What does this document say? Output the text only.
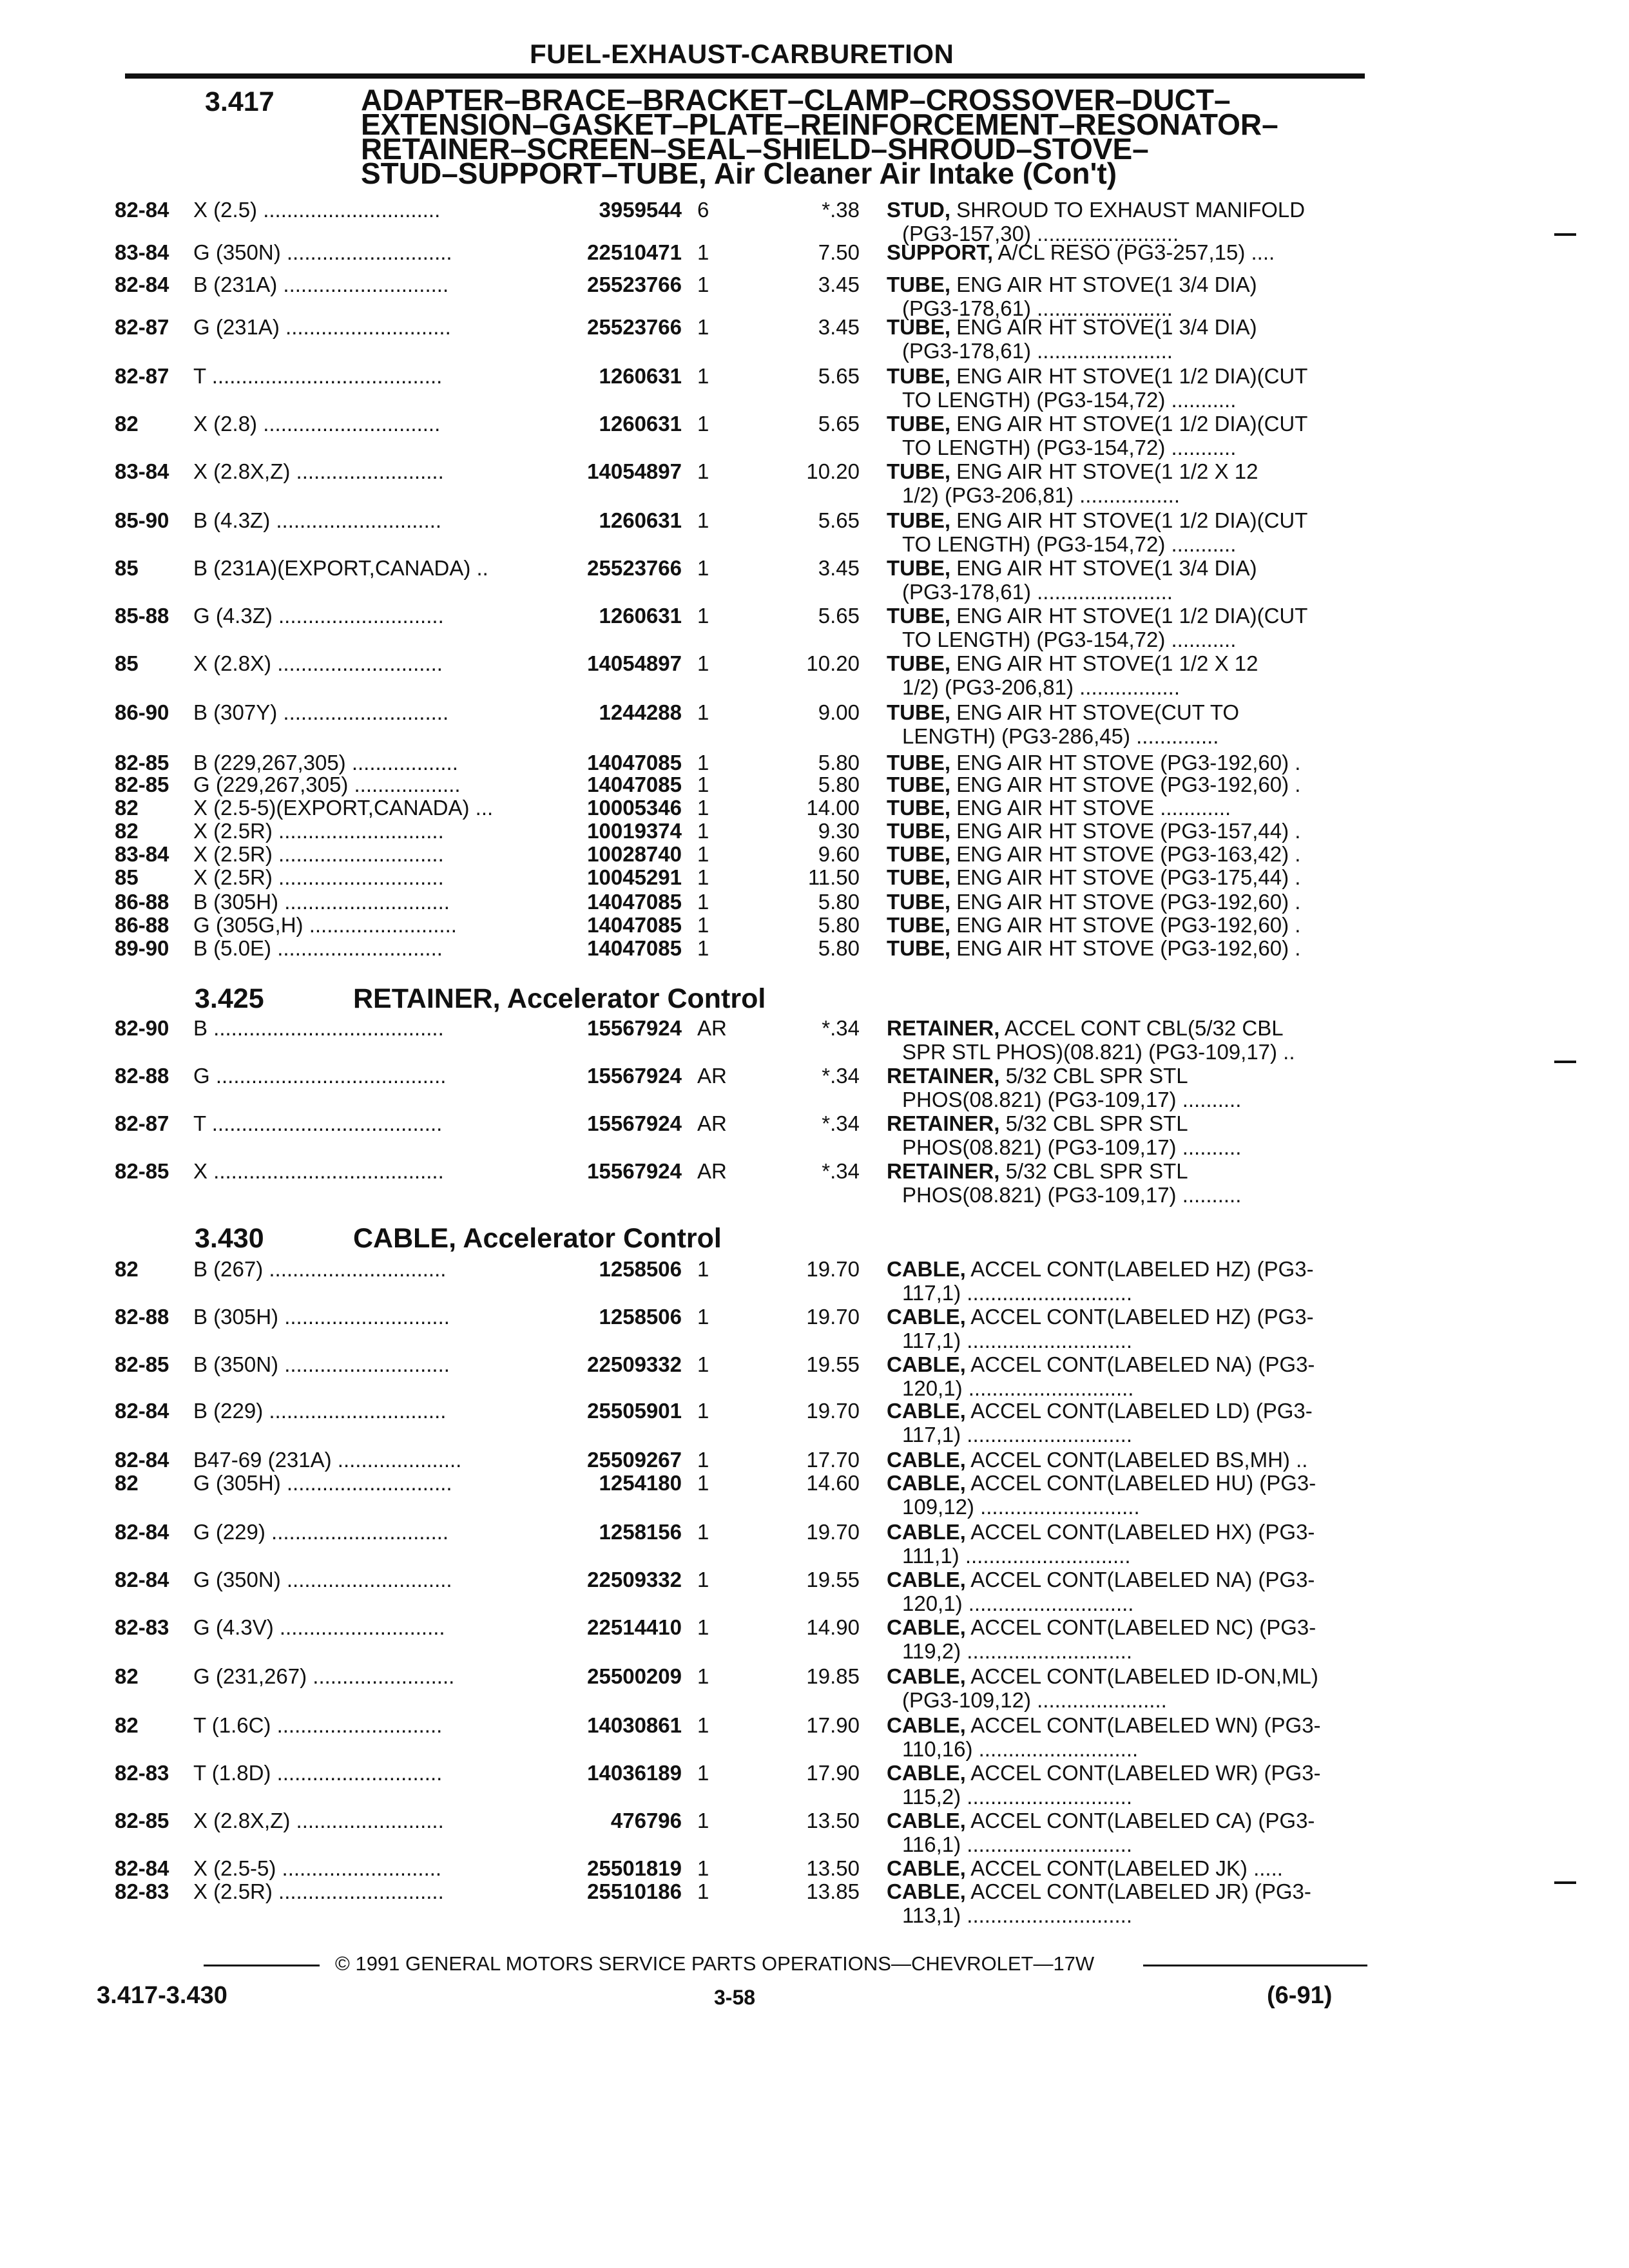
FUEL-EXHAUST-CARBURETION
3.417	ADAPTER–BRACE–BRACKET–CLAMP–CROSSOVER–DUCT–
EXTENSION–GASKET–PLATE–REINFORCEMENT–RESONATOR–
RETAINER–SCREEN–SEAL–SHIELD–SHROUD–STOVE–
STUD–SUPPORT–TUBE, Air Cleaner Air Intake (Con't)
82-84 X (2.5) ..............................	3959544 6	*.38 STUD, SHROUD TO EXHAUST MANIFOLD
(PG3-157,30) ........................
83-84 G (350N) ............................	22510471 1	7.50 SUPPORT, A/CL RESO (PG3-257,15) ....
82-84 B (231A) ............................	25523766 1	3.45 TUBE, ENG AIR HT STOVE(1 3/4 DIA)
(PG3-178,61) .......................
82-87 G (231A) ............................	25523766 1	3.45 TUBE, ENG AIR HT STOVE(1 3/4 DIA)
(PG3-178,61) .......................
82-87 T .......................................	1260631 1	5.65 TUBE, ENG AIR HT STOVE(1 1/2 DIA)(CUT
TO LENGTH) (PG3-154,72) ...........
82	X (2.8) ..............................	1260631 1	5.65 TUBE, ENG AIR HT STOVE(1 1/2 DIA)(CUT
TO LENGTH) (PG3-154,72) ...........
83-84 X (2.8X,Z) .........................	14054897 1	10.20 TUBE, ENG AIR HT STOVE(1 1/2 X 12
1/2) (PG3-206,81) .................
85-90 B (4.3Z) ............................	1260631 1	5.65 TUBE, ENG AIR HT STOVE(1 1/2 DIA)(CUT
TO LENGTH) (PG3-154,72) ...........
85	B (231A)(EXPORT,CANADA) ..	25523766 1	3.45 TUBE, ENG AIR HT STOVE(1 3/4 DIA)
(PG3-178,61) .......................
85-88 G (4.3Z) ............................	1260631 1	5.65 TUBE, ENG AIR HT STOVE(1 1/2 DIA)(CUT
TO LENGTH) (PG3-154,72) ...........
85	X (2.8X) ............................	14054897 1	10.20 TUBE, ENG AIR HT STOVE(1 1/2 X 12
1/2) (PG3-206,81) .................
86-90 B (307Y) ............................	1244288 1	9.00 TUBE, ENG AIR HT STOVE(CUT TO
LENGTH) (PG3-286,45) ..............
82-85 B (229,267,305) ..................	14047085 1	5.80 TUBE, ENG AIR HT STOVE (PG3-192,60) .
82-85 G (229,267,305) ..................	14047085 1	5.80 TUBE, ENG AIR HT STOVE (PG3-192,60) .
82	X (2.5-5)(EXPORT,CANADA) ...	10005346 1	14.00 TUBE, ENG AIR HT STOVE ............
82	X (2.5R) ............................	10019374 1	9.30 TUBE, ENG AIR HT STOVE (PG3-157,44) .
83-84 X (2.5R) ............................	10028740 1	9.60 TUBE, ENG AIR HT STOVE (PG3-163,42) .
85	X (2.5R) ............................	10045291 1	11.50 TUBE, ENG AIR HT STOVE (PG3-175,44) .
86-88 B (305H) ............................	14047085 1	5.80 TUBE, ENG AIR HT STOVE (PG3-192,60) .
86-88 G (305G,H) .........................	14047085 1	5.80 TUBE, ENG AIR HT STOVE (PG3-192,60) .
89-90 B (5.0E) ............................	14047085 1	5.80 TUBE, ENG AIR HT STOVE (PG3-192,60) .
3.425	RETAINER, Accelerator Control
82-90 B .......................................	15567924 AR	*.34 RETAINER, ACCEL CONT CBL(5/32 CBL
SPR STL PHOS)(08.821) (PG3-109,17) ..
82-88 G .......................................	15567924 AR	*.34 RETAINER, 5/32 CBL SPR STL
PHOS(08.821) (PG3-109,17) ..........
82-87 T .......................................	15567924 AR	*.34 RETAINER, 5/32 CBL SPR STL
PHOS(08.821) (PG3-109,17) ..........
82-85 X .......................................	15567924 AR	*.34 RETAINER, 5/32 CBL SPR STL
PHOS(08.821) (PG3-109,17) ..........
3.430	CABLE, Accelerator Control
82	B (267) ..............................	1258506 1	19.70 CABLE, ACCEL CONT(LABELED HZ) (PG3-
117,1) ............................
82-88 B (305H) ............................	1258506 1	19.70 CABLE, ACCEL CONT(LABELED HZ) (PG3-
117,1) ............................
82-85 B (350N) ............................	22509332 1	19.55 CABLE, ACCEL CONT(LABELED NA) (PG3-
120,1) ............................
82-84 B (229) ..............................	25505901 1	19.70 CABLE, ACCEL CONT(LABELED LD) (PG3-
117,1) ............................
82-84 B47-69 (231A) .....................	25509267 1	17.70 CABLE, ACCEL CONT(LABELED BS,MH) ..
82	G (305H) ............................	1254180 1	14.60 CABLE, ACCEL CONT(LABELED HU) (PG3-
109,12) ...........................
82-84 G (229) ..............................	1258156 1	19.70 CABLE, ACCEL CONT(LABELED HX) (PG3-
111,1) ............................
82-84 G (350N) ............................	22509332 1	19.55 CABLE, ACCEL CONT(LABELED NA) (PG3-
120,1) ............................
82-83 G (4.3V) ............................	22514410 1	14.90 CABLE, ACCEL CONT(LABELED NC) (PG3-
119,2) ............................
82	G (231,267) ........................	25500209 1	19.85 CABLE, ACCEL CONT(LABELED ID-ON,ML)
(PG3-109,12) ......................
82	T (1.6C) ............................	14030861 1	17.90 CABLE, ACCEL CONT(LABELED WN) (PG3-
110,16) ...........................
82-83 T (1.8D) ............................	14036189 1	17.90 CABLE, ACCEL CONT(LABELED WR) (PG3-
115,2) ............................
82-85 X (2.8X,Z) .........................	476796 1	13.50 CABLE, ACCEL CONT(LABELED CA) (PG3-
116,1) ............................
82-84 X (2.5-5) ...........................	25501819 1	13.50 CABLE, ACCEL CONT(LABELED JK) .....
82-83 X (2.5R) ............................	25510186 1	13.85 CABLE, ACCEL CONT(LABELED JR) (PG3-
113,1) ............................
© 1991 GENERAL MOTORS SERVICE PARTS OPERATIONS—CHEVROLET—17W
3.417-3.430	3-58	(6-91)
